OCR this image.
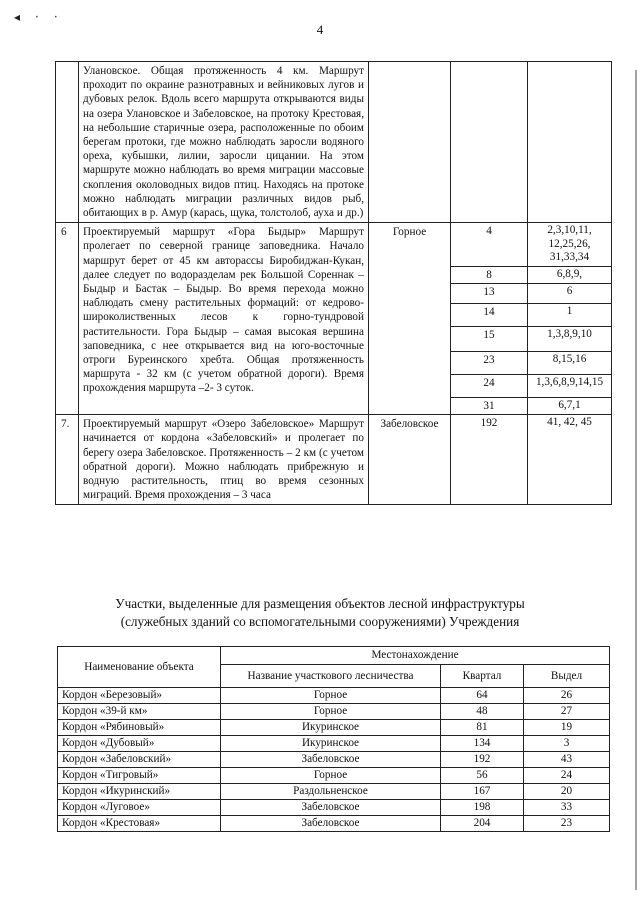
◂ ‧ ‧
4
	Улановское. Общая протяженность 4 км. Маршрут проходит по окраине разнотравных и вейниковых лугов и дубовых релок. Вдоль всего маршрута открываются виды на озера Улановское и Забеловское, на протоку Крестовая, на небольшие старичные озера, расположенные по обоим берегам протоки, где можно наблюдать заросли водяного ореха, кубышки, лилии, заросли цицании. На этом маршруте можно наблюдать во время миграции массовые скопления околоводных видов птиц. Находясь на протоке можно наблюдать миграции различных видов рыб, обитающих в р. Амур (карась, щука, толстолоб, ауха и др.)			
6	Проектируемый маршрут «Гора Быдыр» Маршрут пролегает по северной границе заповедника. Начало маршрут берет от 45 км авторассы Биробиджан-Кукан, далее следует по водоразделам рек Большой Сореннак – Быдыр и Бастак – Быдыр. Во время перехода можно наблюдать смену растительных формаций: от кедрово-широколиственных лесов к горно-тундровой растительности. Гора Быдыр – самая высокая вершина заповедника, с нее открывается вид на юго-восточные отроги Буреинского хребта. Общая протяженность маршрута - 32 км (с учетом обратной дороги). Время прохождения маршрута –2- 3 суток.	Горное	4	2,3,10,11, 12,25,26, 31,33,34
			8	6,8,9,
			13	6
			14	1
			15	1,3,8,9,10
			23	8,15,16
			24	1,3,6,8,9,14,15
			31	6,7,1
7.	Проектируемый маршрут «Озеро Забеловское» Маршрут начинается от кордона «Забеловский» и пролегает по берегу озера Забеловское. Протяженность – 2 км (с учетом обратной дороги). Можно наблюдать прибрежную и водную растительность, птиц во время сезонных миграций. Время прохождения – 3 часа	Забеловское	192	41, 42, 45
Участки, выделенные для размещения объектов лесной инфраструктуры
(служебных зданий со вспомогательными сооружениями) Учреждения
Наименование объекта	Местонахождение		
	Название участкового лесничества	Квартал	Выдел
Кордон «Березовый»	Горное	64	26
Кордон «39-й км»	Горное	48	27
Кордон «Рябиновый»	Икуринское	81	19
Кордон «Дубовый»	Икуринское	134	3
Кордон «Забеловский»	Забеловское	192	43
Кордон «Тигровый»	Горное	56	24
Кордон «Икуринский»	Раздольненское	167	20
Кордон «Луговое»	Забеловское	198	33
Кордон «Крестовая»	Забеловское	204	23
